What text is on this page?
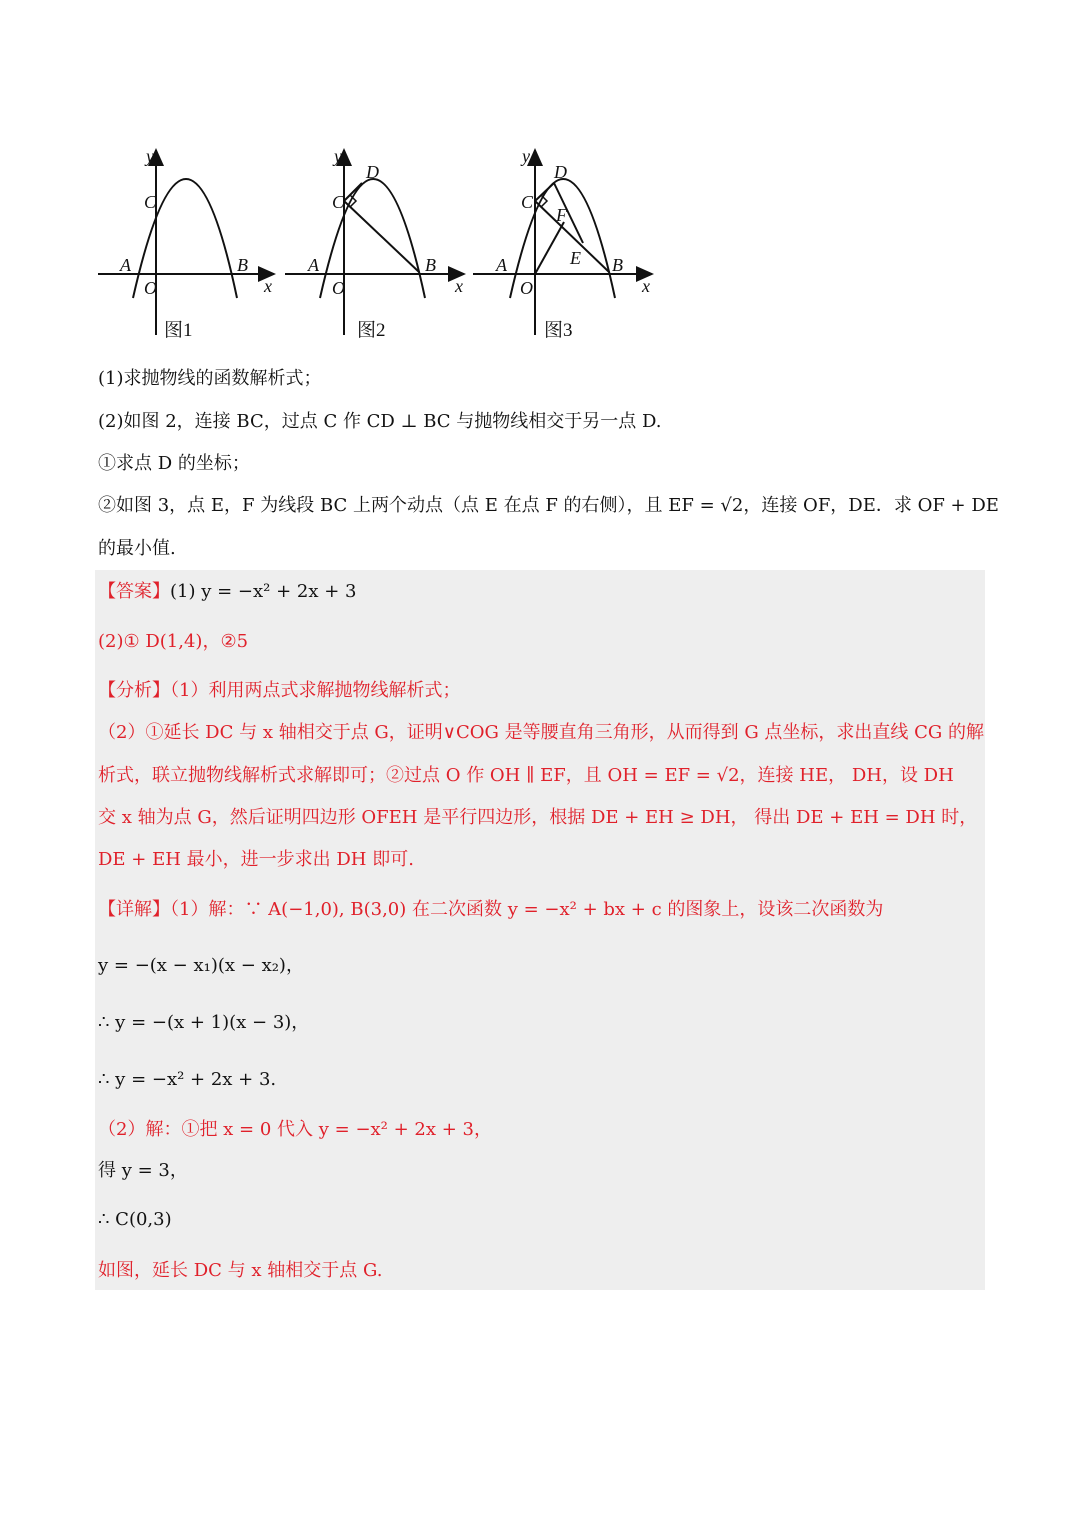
y
x
O
A	B
C
图1
y
x
O
A	B
C
D
图2
y
x
O
A	B
C
D
E
F
图3
(1)求抛物线的函数解析式；
(2)如图 2，连接 BC，过点 C 作 CD ⊥ BC 与抛物线相交于另一点 D.
①求点 D 的坐标；
②如图 3，点 E，F 为线段 BC 上两个动点（点 E 在点 F 的右侧），且 EF = √2，连接 OF，DE．求 OF + DE
的最小值.
【答案】(1) y = −x² + 2x + 3
(2)① D(1,4)，②5
【分析】（1）利用两点式求解抛物线解析式；
（2）①延长 DC 与 x 轴相交于点 G，证明∨COG 是等腰直角三角形，从而得到 G 点坐标，求出直线 CG 的解
析式，联立抛物线解析式求解即可；②过点 O 作 OH ∥ EF，且 OH = EF = √2，连接 HE， DH，设 DH
交 x 轴为点 G，然后证明四边形 OFEH 是平行四边形，根据 DE + EH ≥ DH， 得出 DE + EH = DH 时，
DE + EH 最小，进一步求出 DH 即可.
【详解】（1）解：∵ A(−1,0), B(3,0) 在二次函数 y = −x² + bx + c 的图象上，设该二次函数为
y = −(x − x₁)(x − x₂)，
∴ y = −(x + 1)(x − 3)，
∴ y = −x² + 2x + 3.
（2）解：①把 x = 0 代入 y = −x² + 2x + 3，
得 y = 3，
∴ C(0,3)
如图，延长 DC 与 x 轴相交于点 G.
